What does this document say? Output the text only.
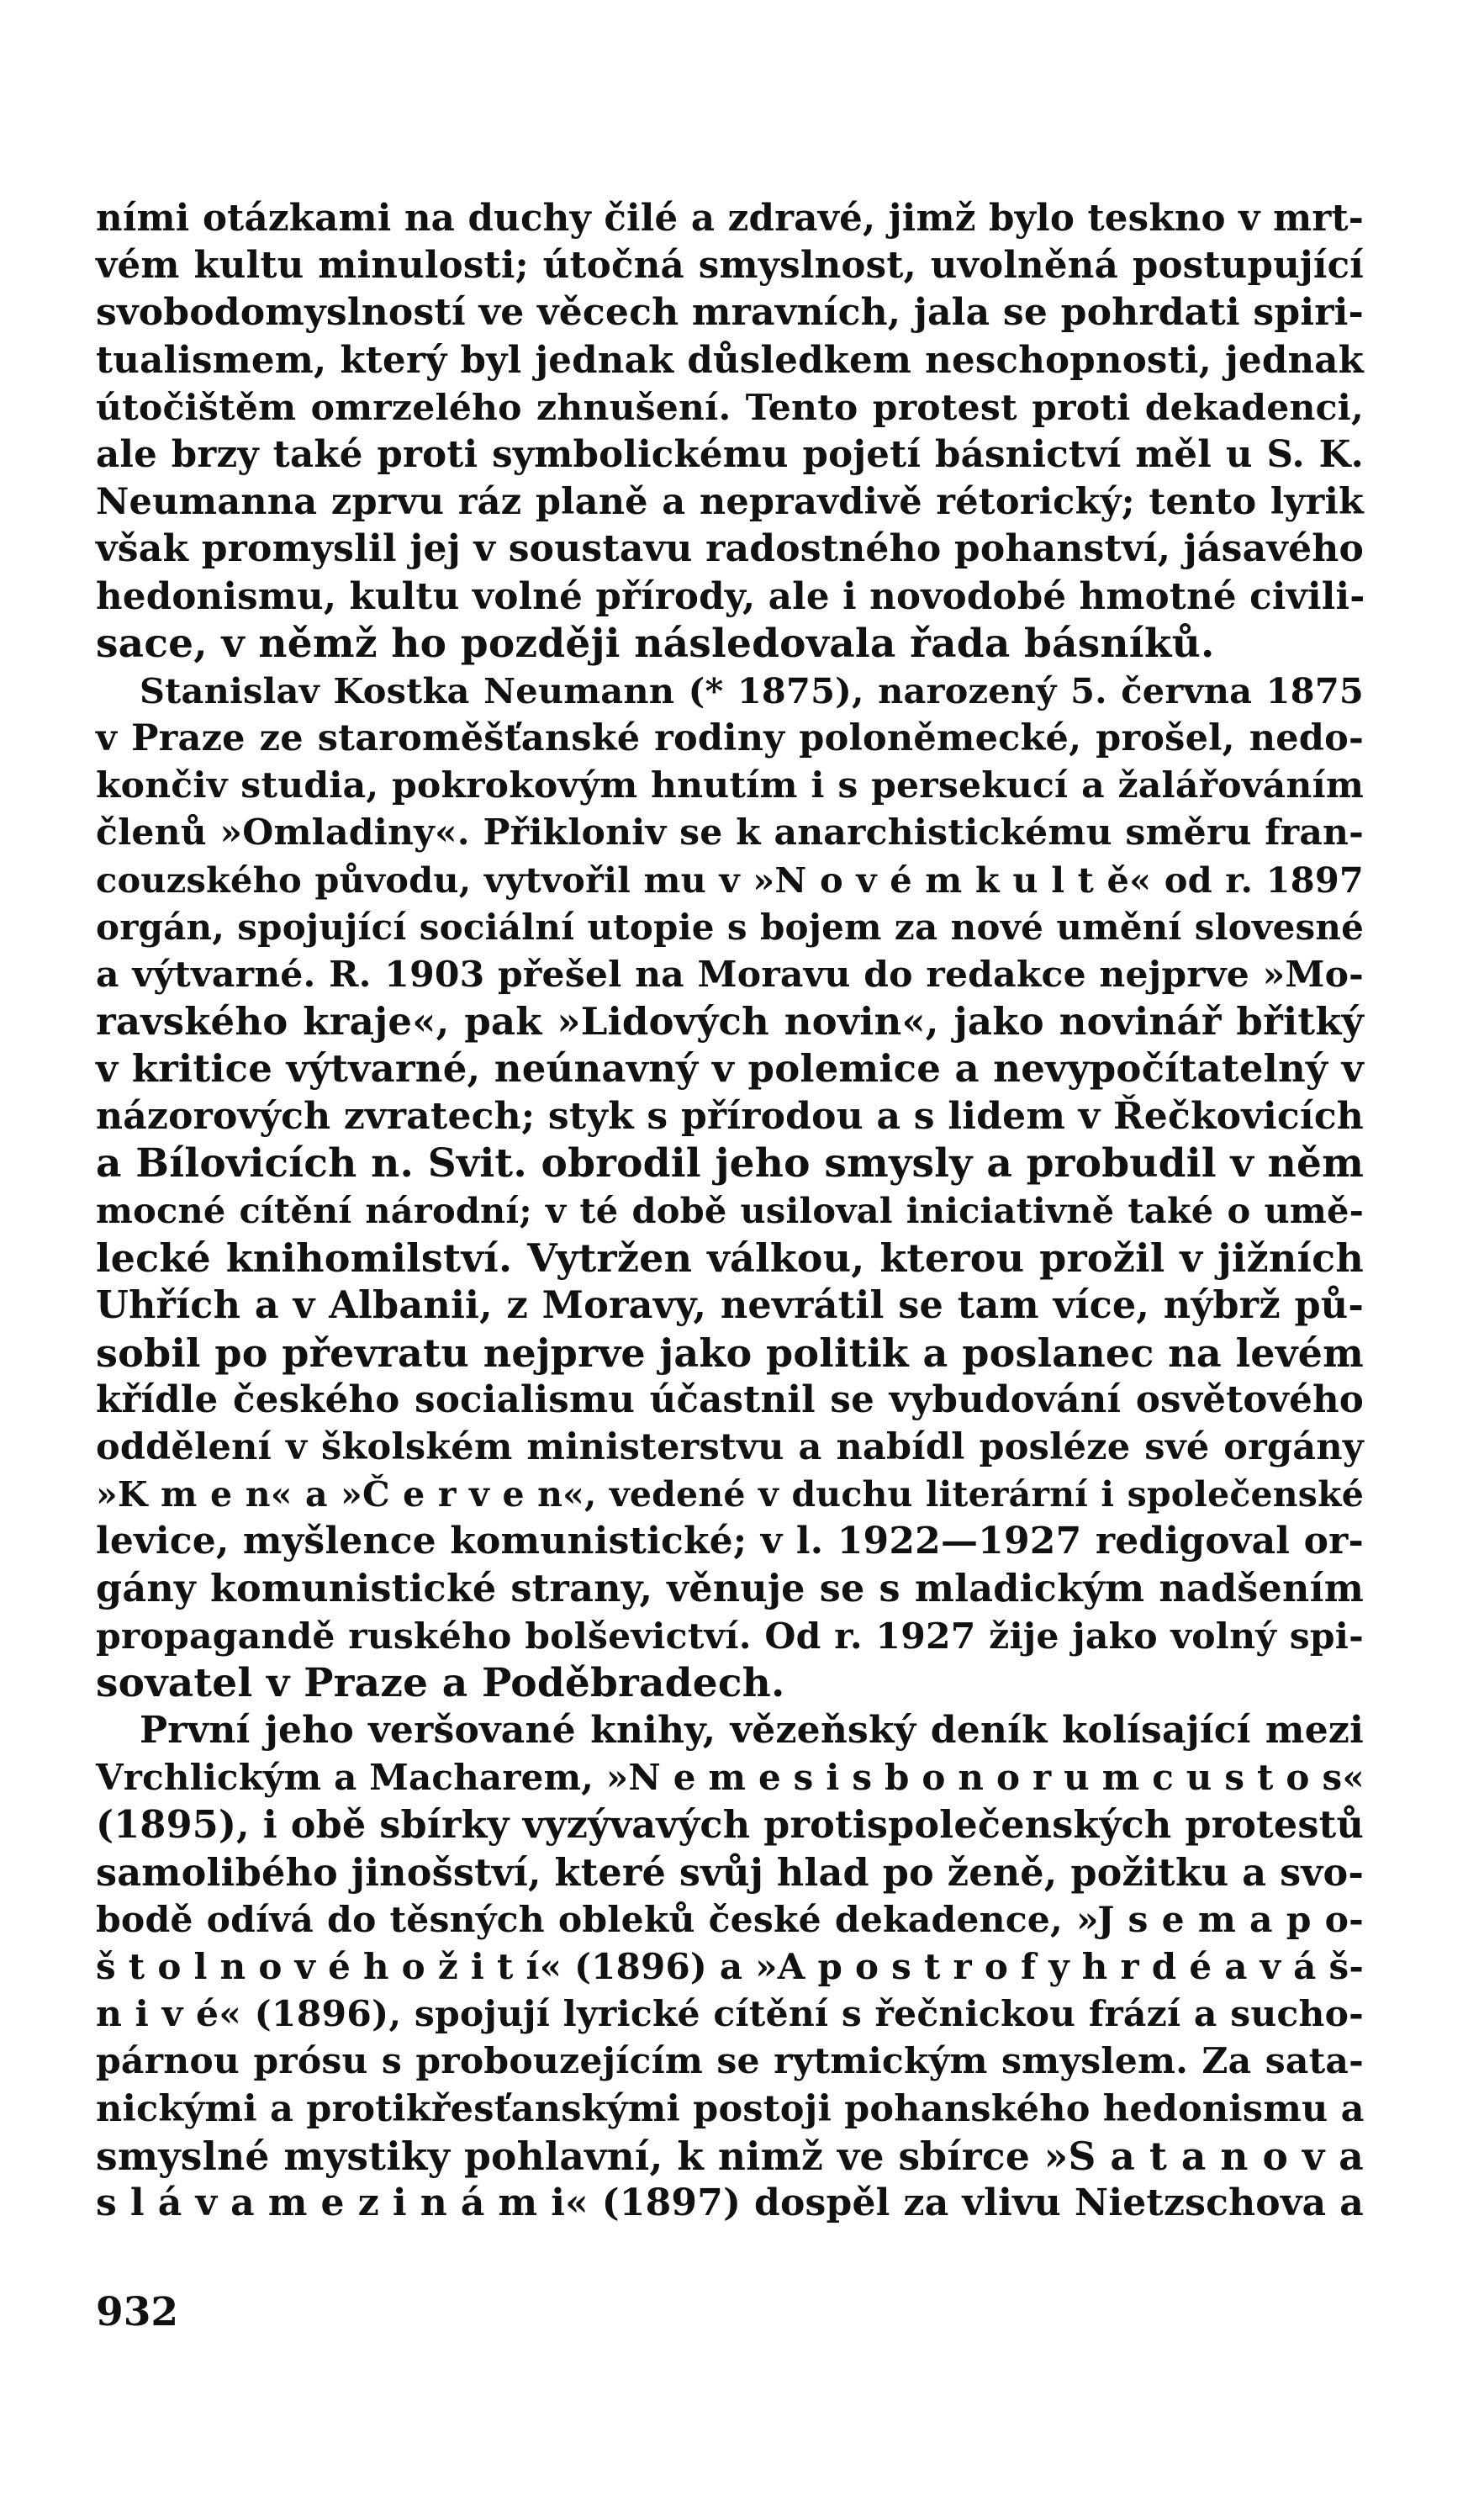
ními otázkami na duchy čilé a zdravé, jimž bylo teskno v mrt-
vém kultu minulosti; útočná smyslnost, uvolněná postupující
svobodomyslností ve věcech mravních, jala se pohrdati spiri-
tualismem, který byl jednak důsledkem neschopnosti, jednak
útočištěm omrzelého zhnušení. Tento protest proti dekadenci,
ale brzy také proti symbolickému pojetí básnictví měl u S. K.
Neumanna zprvu ráz planě a nepravdivě rétorický; tento lyrik
však promyslil jej v soustavu radostného pohanství, jásavého
hedonismu, kultu volné přírody, ale i novodobé hmotné civili-
sace, v němž ho později následovala řada básníků.
Stanislav Kostka Neumann (* 1875), narozený 5. června 1875
v Praze ze staroměšťanské rodiny poloněmecké, prošel, nedo-
končiv studia, pokrokovým hnutím i s persekucí a žalářováním
členů »Omladiny«. Přikloniv se k anarchistickému směru fran-
couzského původu, vytvořil mu v »N o v é m k u l t ě« od r. 1897
orgán, spojující sociální utopie s bojem za nové umění slovesné
a výtvarné. R. 1903 přešel na Moravu do redakce nejprve »Mo-
ravského kraje«, pak »Lidových novin«, jako novinář břitký
v kritice výtvarné, neúnavný v polemice a nevypočítatelný v
názorových zvratech; styk s přírodou a s lidem v Řečkovicích
a Bílovicích n. Svit. obrodil jeho smysly a probudil v něm
mocné cítění národní; v té době usiloval iniciativně také o umě-
lecké knihomilství. Vytržen válkou, kterou prožil v jižních
Uhřích a v Albanii, z Moravy, nevrátil se tam více, nýbrž pů-
sobil po převratu nejprve jako politik a poslanec na levém
křídle českého socialismu účastnil se vybudování osvětového
oddělení v školském ministerstvu a nabídl posléze své orgány
»K m e n« a »Č e r v e n«, vedené v duchu literární i společenské
levice, myšlence komunistické; v l. 1922—1927 redigoval or-
gány komunistické strany, věnuje se s mladickým nadšením
propagandě ruského bolševictví. Od r. 1927 žije jako volný spi-
sovatel v Praze a Poděbradech.
První jeho veršované knihy, vězeňský deník kolísající mezi
Vrchlickým a Macharem, »N e m e s i s b o n o r u m c u s t o s«
(1895), i obě sbírky vyzývavých protispolečenských protestů
samolibého jinošství, které svůj hlad po ženě, požitku a svo-
bodě odívá do těsných obleků české dekadence, »J s e m a p o-
š t o l n o v é h o ž i t í« (1896) a »A p o s t r o f y h r d é a v á š-
n i v é« (1896), spojují lyrické cítění s řečnickou frází a sucho-
párnou prósu s probouzejícím se rytmickým smyslem. Za sata-
nickými a protikřesťanskými postoji pohanského hedonismu a
smyslné mystiky pohlavní, k nimž ve sbírce »S a t a n o v a
s l á v a m e z i n á m i« (1897) dospěl za vlivu Nietzschova a
932
